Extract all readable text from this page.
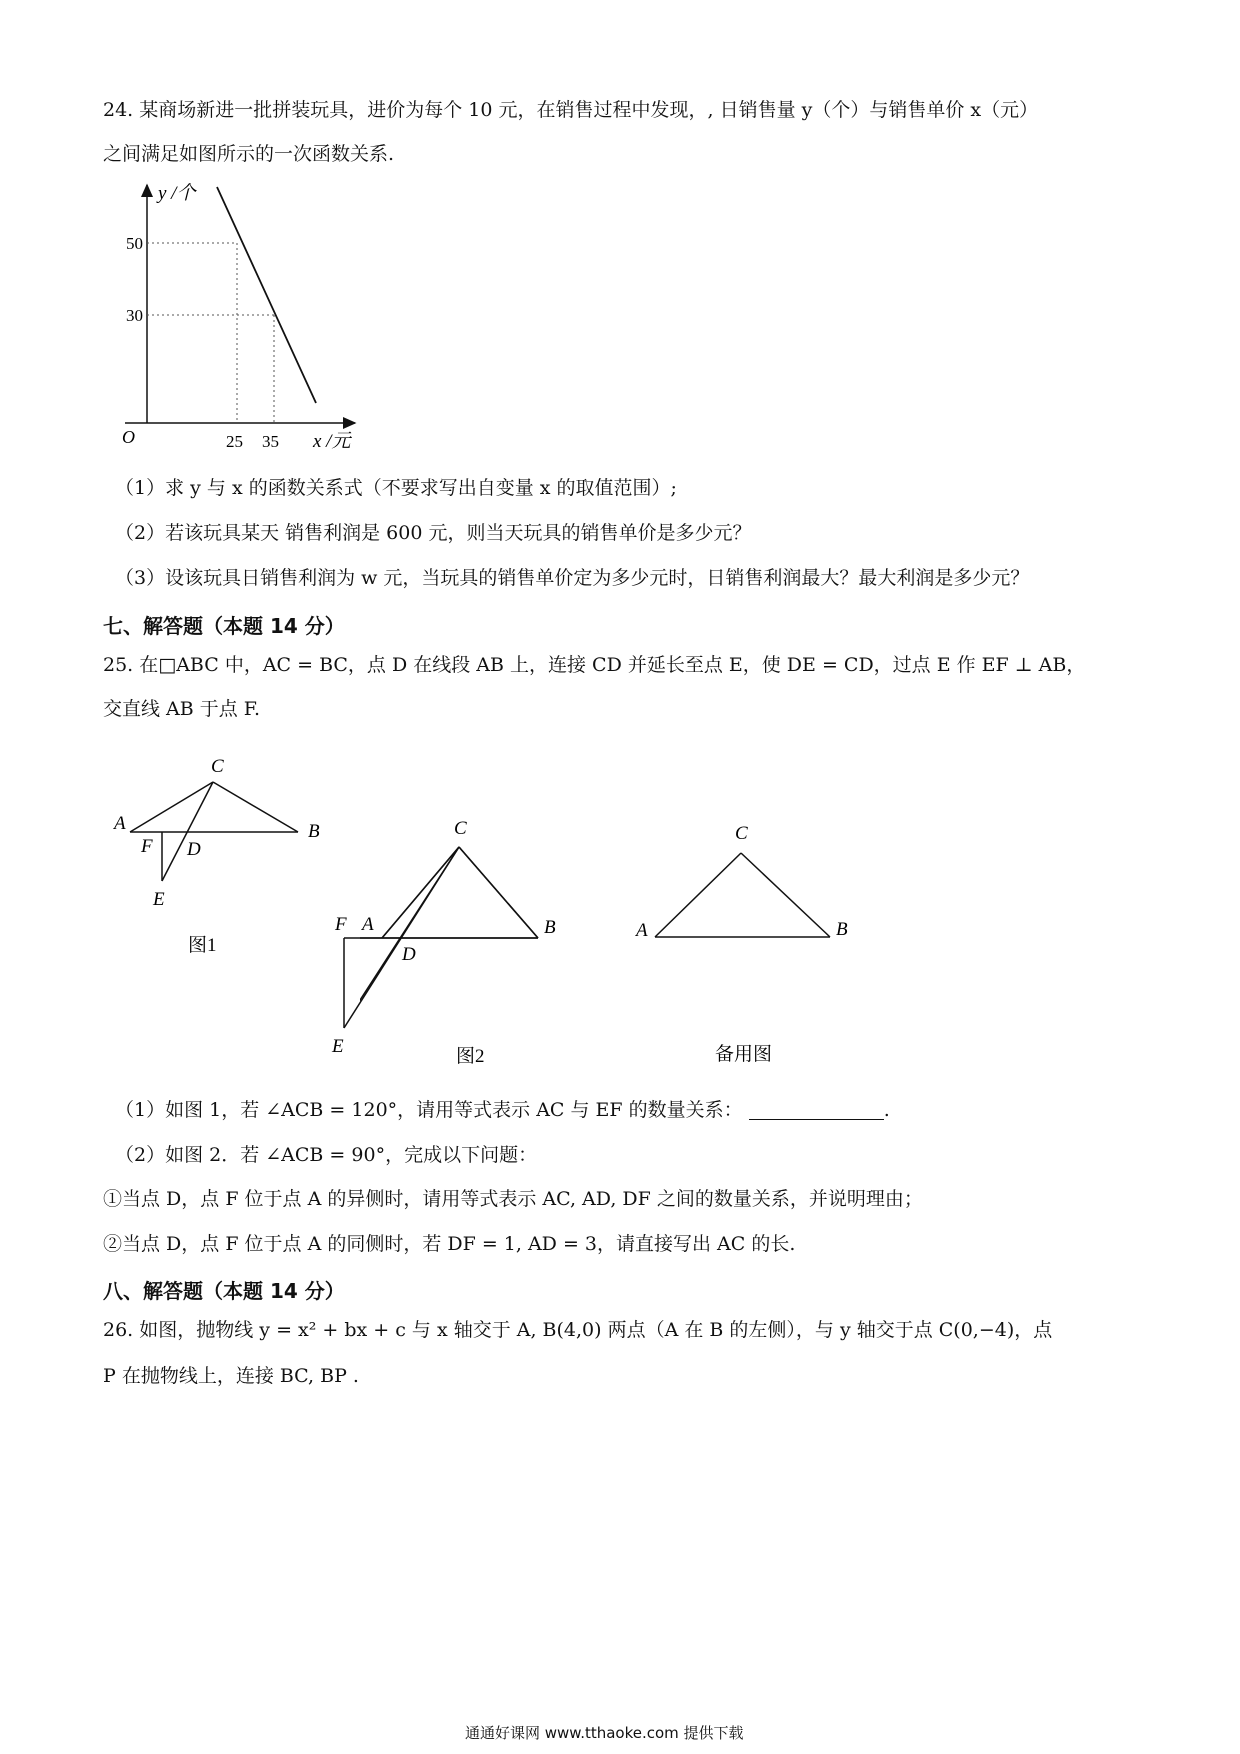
24. 某商场新进一批拼装玩具，进价为每个 10 元，在销售过程中发现，, 日销售量 y（个）与销售单价 x（元）
之间满足如图所示的一次函数关系.
y /个
50
30
O	25 35 x /元
（1）求 y 与 x 的函数关系式（不要求写出自变量 x 的取值范围）;
（2）若该玩具某天 销售利润是 600 元，则当天玩具的销售单价是多少元？
（3）设该玩具日销售利润为 w 元，当玩具的销售单价定为多少元时，日销售利润最大？最大利润是多少元？
七、解答题（本题 14 分）
25. 在□ABC 中，AC = BC，点 D 在线段 AB 上，连接 CD 并延长至点 E，使 DE = CD，过点 E 作 EF ⊥ AB，
交直线 AB 于点 F.
A	B
C
D
E
F
图1
A	B
C
D
E
F
图2
A	B
C
备用图
（1）如图 1，若 ∠ACB = 120°，请用等式表示 AC 与 EF 的数量关系：	.
（2）如图 2．若 ∠ACB = 90°，完成以下问题：
①当点 D，点 F 位于点 A 的异侧时，请用等式表示 AC, AD, DF 之间的数量关系，并说明理由；
②当点 D，点 F 位于点 A 的同侧时，若 DF = 1, AD = 3，请直接写出 AC 的长.
八、解答题（本题 14 分）
26. 如图，抛物线 y = x² + bx + c 与 x 轴交于 A, B(4,0) 两点（A 在 B 的左侧），与 y 轴交于点 C(0,−4)，点
P 在抛物线上，连接 BC, BP .
通通好课网 www.tthaoke.com 提供下载
